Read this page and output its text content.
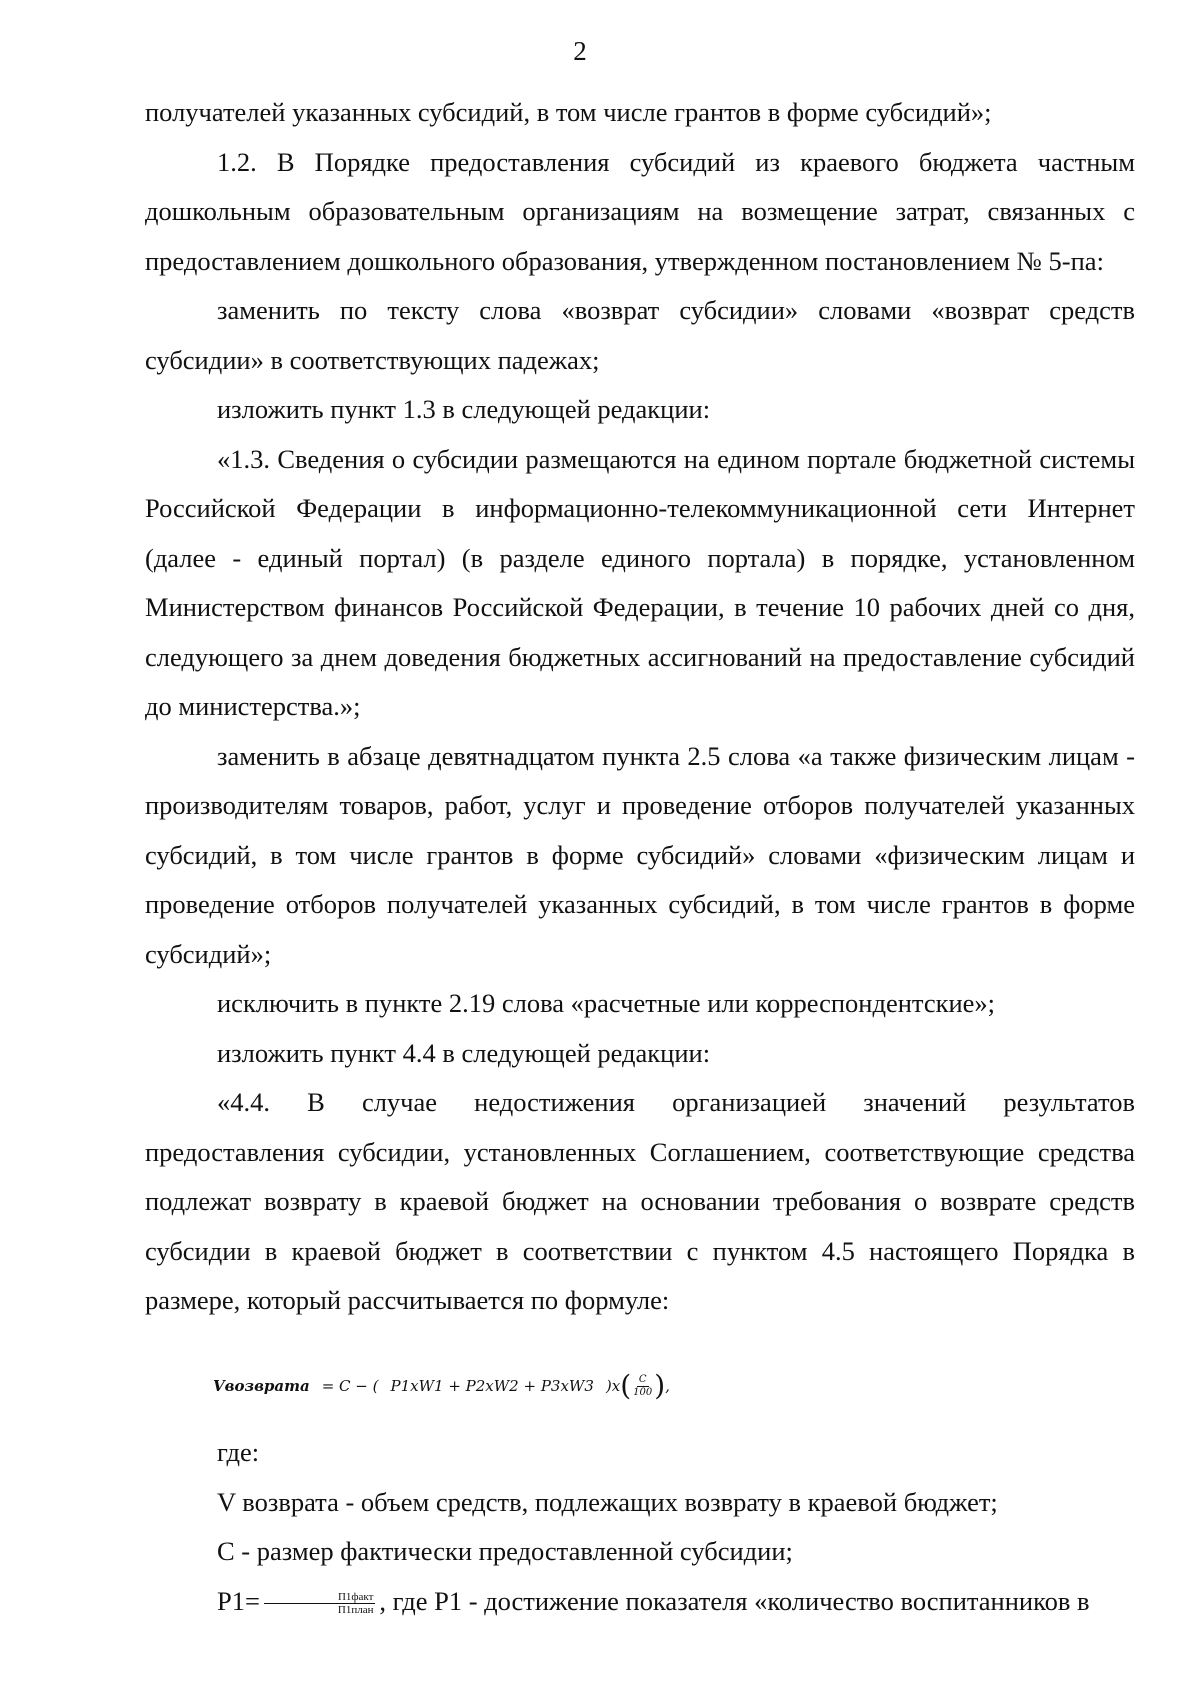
2

получателей указанных субсидий, в том числе грантов в форме субсидий»;

1.2. В Порядке предоставления субсидий из краевого бюджета частным дошкольным образовательным организациям на возмещение затрат, связанных с предоставлением дошкольного образования, утвержденном постановлением № 5-па:

заменить по тексту слова «возврат субсидии» словами «возврат средств субсидии» в соответствующих падежах;

изложить пункт 1.3 в следующей редакции:

«1.3. Сведения о субсидии размещаются на едином портале бюджетной системы Российской Федерации в информационно-телекоммуникационной сети Интернет (далее - единый портал) (в разделе единого портала) в порядке, установленном Министерством финансов Российской Федерации, в течение 10 рабочих дней со дня, следующего за днем доведения бюджетных ассигнований на предоставление субсидий до министерства.»;

заменить в абзаце девятнадцатом пункта 2.5 слова «а также физическим лицам - производителям товаров, работ, услуг и проведение отборов получателей указанных субсидий, в том числе грантов в форме субсидий» словами «физическим лицам и проведение отборов получателей указанных субсидий, в том числе грантов в форме субсидий»;

исключить в пункте 2.19 слова «расчетные или корреспондентские»;

изложить пункт 4.4 в следующей редакции:

«4.4. В случае недостижения организацией значений результатов предоставления субсидии, установленных Соглашением, соответствующие средства подлежат возврату в краевой бюджет на основании требования о возврате средств субсидии в краевой бюджет в соответствии с пунктом 4.5 настоящего Порядка в размере, который рассчитывается по формуле:

Vвозврата = C − ( P1xW1 + P2xW2 + P3xW3 )x ( $\frac{C}{100}$ ) ,

где:

V возврата - объем средств, подлежащих возврату в краевой бюджет;

C - размер фактически предоставленной субсидии;

$P1= \frac{\text{П1факт}}{\text{П1план}}$ , где P1 - достижение показателя «количество воспитанников в
